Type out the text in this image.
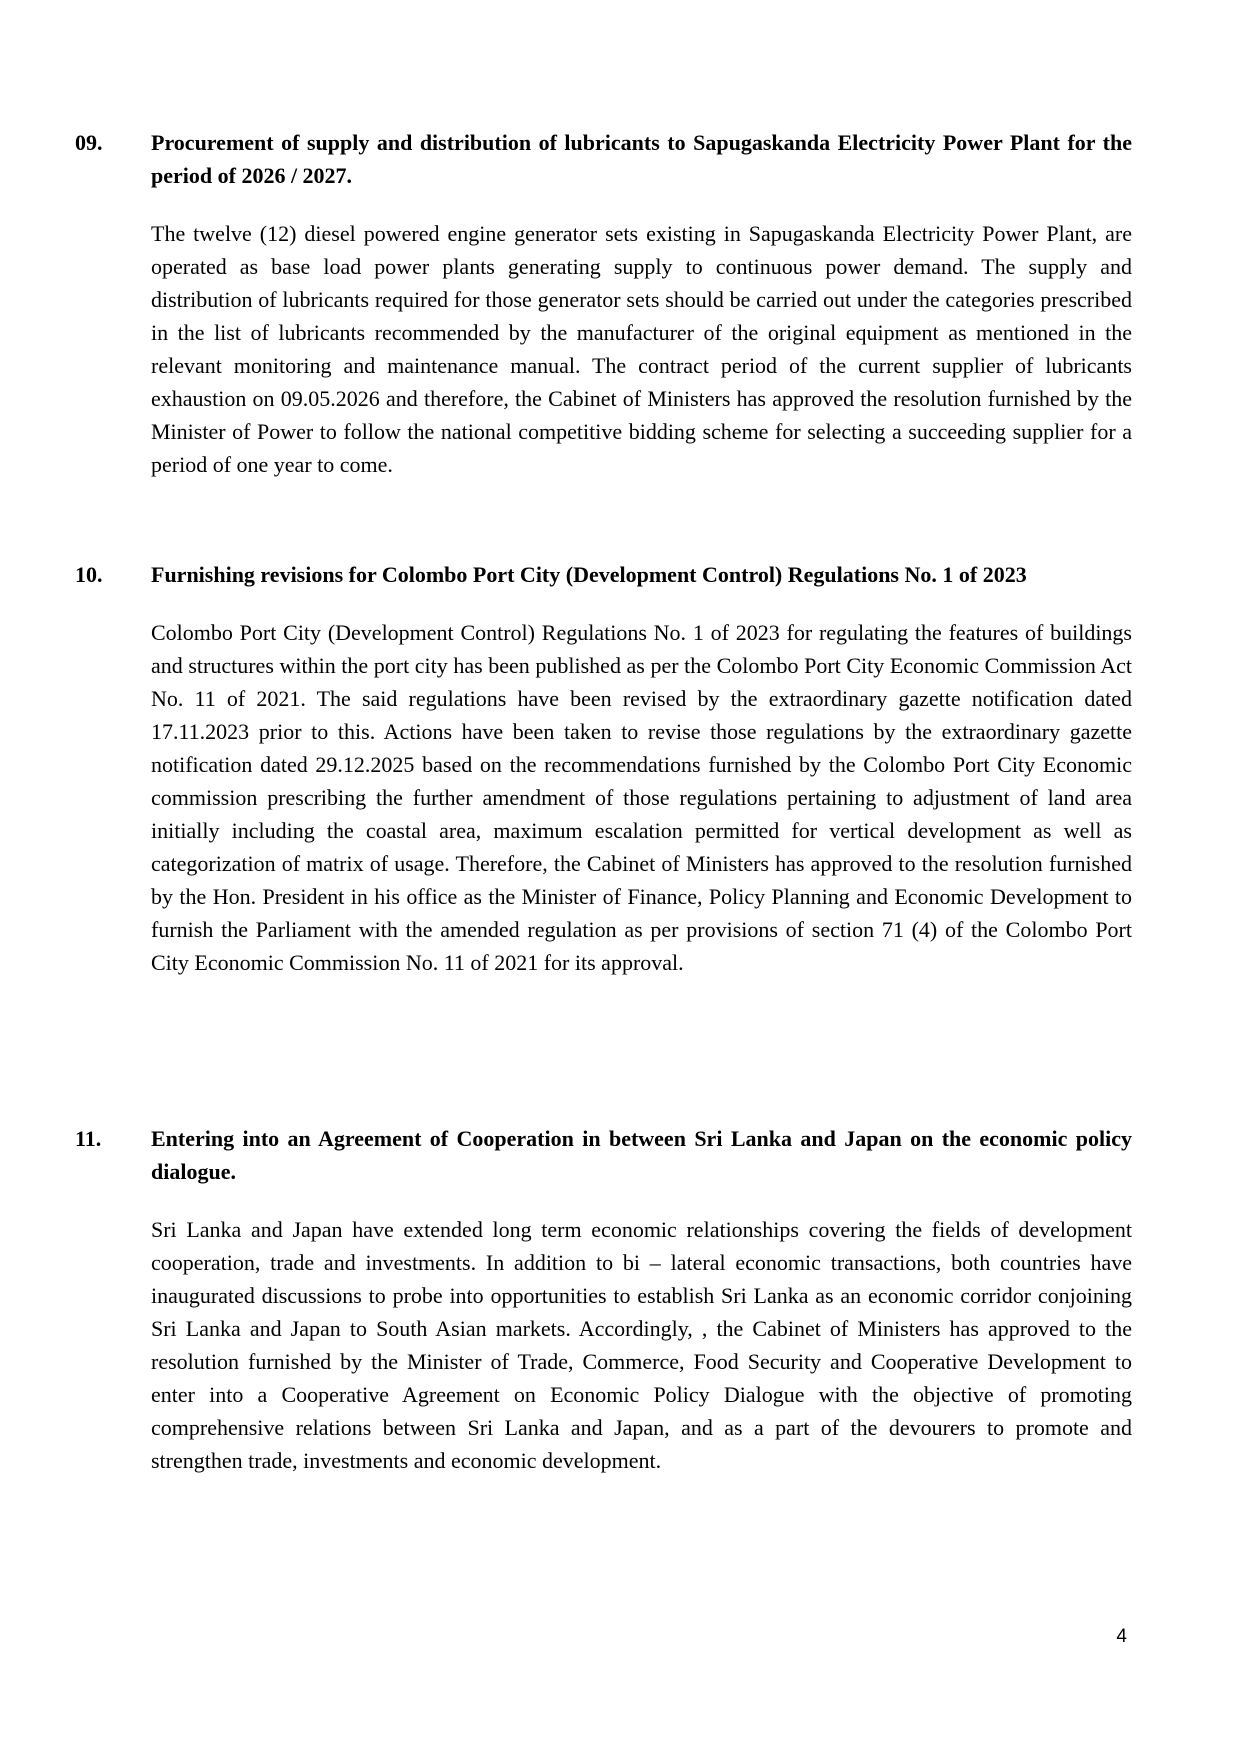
09. Procurement of supply and distribution of lubricants to Sapugaskanda Electricity Power Plant for the period of 2026 / 2027.
The twelve (12) diesel powered engine generator sets existing in Sapugaskanda Electricity Power Plant, are operated as base load power plants generating supply to continuous power demand. The supply and distribution of lubricants required for those generator sets should be carried out under the categories prescribed in the list of lubricants recommended by the manufacturer of the original equipment as mentioned in the relevant monitoring and maintenance manual. The contract period of the current supplier of lubricants exhaustion on 09.05.2026 and therefore, the Cabinet of Ministers has approved the resolution furnished by the Minister of Power to follow the national competitive bidding scheme for selecting a succeeding supplier for a period of one year to come.
10. Furnishing revisions for Colombo Port City (Development Control) Regulations No. 1 of 2023
Colombo Port City (Development Control) Regulations No. 1 of 2023 for regulating the features of buildings and structures within the port city has been published as per the Colombo Port City Economic Commission Act No. 11 of 2021. The said regulations have been revised by the extraordinary gazette notification dated 17.11.2023 prior to this. Actions have been taken to revise those regulations by the extraordinary gazette notification dated 29.12.2025 based on the recommendations furnished by the Colombo Port City Economic commission prescribing the further amendment of those regulations pertaining to adjustment of land area initially including the coastal area, maximum escalation permitted for vertical development as well as categorization of matrix of usage. Therefore, the Cabinet of Ministers has approved to the resolution furnished by the Hon. President in his office as the Minister of Finance, Policy Planning and Economic Development to furnish the Parliament with the amended regulation as per provisions of section 71 (4) of the Colombo Port City Economic Commission No. 11 of 2021 for its approval.
11. Entering into an Agreement of Cooperation in between Sri Lanka and Japan on the economic policy dialogue.
Sri Lanka and Japan have extended long term economic relationships covering the fields of development cooperation, trade and investments. In addition to bi – lateral economic transactions, both countries have inaugurated discussions to probe into opportunities to establish Sri Lanka as an economic corridor conjoining Sri Lanka and Japan to South Asian markets. Accordingly, , the Cabinet of Ministers has approved to the resolution furnished by the Minister of Trade, Commerce, Food Security and Cooperative Development to enter into a Cooperative Agreement on Economic Policy Dialogue with the objective of promoting comprehensive relations between Sri Lanka and Japan, and as a part of the devourers to promote and strengthen trade, investments and economic development.
4
